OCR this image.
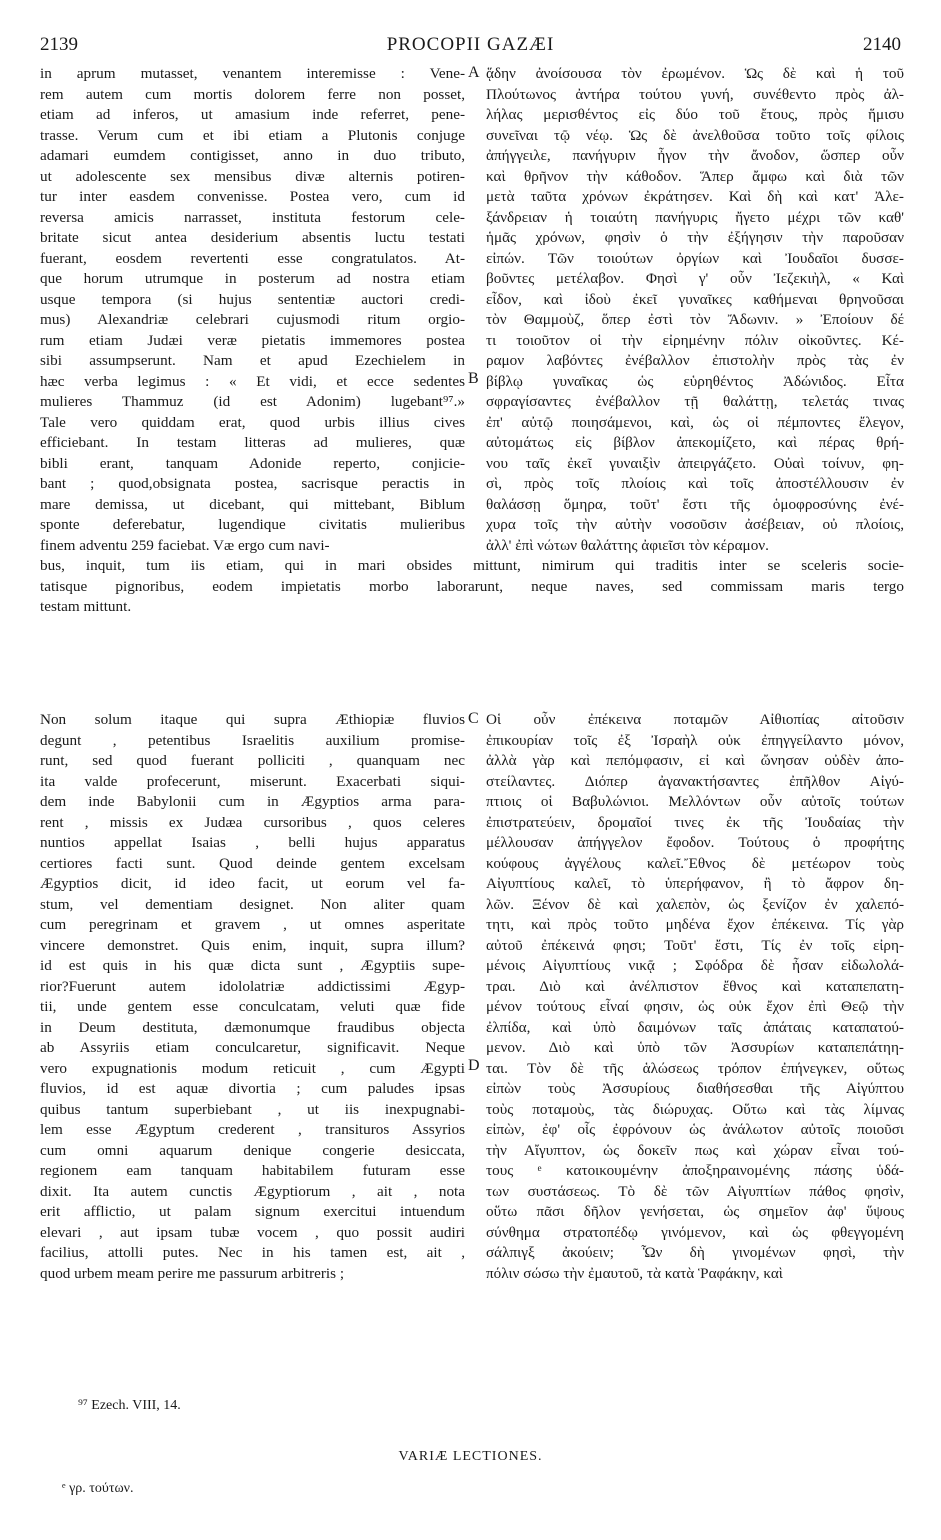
2139	PROCOPII GAZÆI	2140
in aprum mutasset, venantem interemisse : Vene-
rem autem cum mortis dolorem ferre non posset,
etiam ad inferos, ut amasium inde referret, pene-
trasse. Verum cum et ibi etiam a Plutonis conjuge
adamari eumdem contigisset, anno in duo tributo,
ut adolescente sex mensibus divæ alternis potiren-
tur inter easdem convenisse. Postea vero, cum id
reversa amicis narrasset, instituta festorum cele-
britate sicut antea desiderium absentis luctu testati
fuerant, eosdem revertenti esse congratulatos. At-
que horum utrumque in posterum ad nostra etiam
usque tempora (si hujus sententiæ auctori credi-
mus) Alexandriæ celebrari cujusmodi ritum orgio-
rum etiam Judæi veræ pietatis immemores postea
sibi assumpserunt. Nam et apud Ezechielem in
hæc verba legimus : « Et vidi, et ecce sedentes
mulieres Thammuz (id est Adonim) lugebant⁹⁷.»
Tale vero quiddam erat, quod urbis illius cives
efficiebant. In testam litteras ad mulieres, quæ
bibli erant, tanquam Adonide reperto, conjicie-
bant ; quod,obsignata postea, sacrisque peractis in
mare demissa, ut dicebant, qui mittebant, Biblum
sponte deferebatur, lugendique civitatis mulieribus
finem adventu 259 faciebat. Væ ergo cum navi-
ᾅδην ἀνοίσουσα τὸν ἐρωμένον. Ὡς δὲ καὶ ἡ τοῦ
Πλούτωνος ἀντήρα τούτου γυνή, συνέθεντο πρὸς ἀλ-
λήλας μερισθέντος εἰς δύο τοῦ ἔτους, πρὸς ἥμισυ
συνεῖναι τῷ νέῳ. Ὡς δὲ ἀνελθοῦσα τοῦτο τοῖς φίλοις
ἀπήγγειλε, πανήγυριν ἦγον τὴν ἄνοδον, ὥσπερ οὖν
καὶ θρῆνον τὴν κάθοδον. Ἅπερ ἄμφω καὶ διὰ τῶν
μετὰ ταῦτα χρόνων ἐκράτησεν. Καὶ δὴ καὶ κατ' Ἀλε-
ξάνδρειαν ἡ τοιαύτη πανήγυρις ἤγετο μέχρι τῶν καθ'
ἡμᾶς χρόνων, φησὶν ὁ τὴν ἐξήγησιν τὴν παροῦσαν
εἰπών. Τῶν τοιούτων ὀργίων καὶ Ἰουδαῖοι δυσσε-
βοῦντες μετέλαβον. Φησὶ γ' οὖν Ἰεζεκιὴλ, « Καὶ
εἶδον, καὶ ἰδοὺ ἐκεῖ γυναῖκες καθήμεναι θρηνοῦσαι
τὸν Θαμμοὺζ, ὅπερ ἐστὶ τὸν Ἄδωνιν. » Ἐποίουν δέ
τι τοιοῦτον οἱ τὴν εἰρημένην πόλιν οἰκοῦντες. Κέ-
ραμον λαβόντες ἐνέβαλλον ἐπιστολὴν πρὸς τὰς ἐν
βίβλῳ γυναῖκας ὡς εὑρηθέντος Ἀδώνιδος. Εἶτα
σφραγίσαντες ἐνέβαλλον τῇ θαλάττῃ, τελετάς τινας
ἐπ' αὐτῷ ποιησάμενοι, καὶ, ὡς οἱ πέμποντες ἔλεγον,
αὐτομάτως εἰς βίβλον ἀπεκομίζετο, καὶ πέρας θρή-
νου ταῖς ἐκεῖ γυναιξὶν ἀπειργάζετο. Οὐαὶ τοίνυν, φη-
σὶ, πρὸς τοῖς πλοίοις καὶ τοῖς ἀποστέλλουσιν ἐν
θαλάσσῃ ὅμηρα, τοῦτ' ἔστι τῆς ὁμοφροσύνης ἐνέ-
χυρα τοῖς τὴν αὐτὴν νοσοῦσιν ἀσέβειαν, οὐ πλοίοις,
ἀλλ' ἐπὶ νώτων θαλάττης ἀφιεῖσι τὸν κέραμον.
bus, inquit, tum iis etiam, qui in mari obsides mittunt, nimirum qui traditis inter se sceleris socie-
tatisque pignoribus, eodem impietatis morbo laborarunt, neque naves, sed commissam maris tergo
testam mittunt.
Non solum itaque qui supra Æthiopiæ fluvios
degunt , petentibus Israelitis auxilium promise-
runt, sed quod fuerant polliciti , quanquam nec
ita valde profecerunt, miserunt. Exacerbati siqui-
dem inde Babylonii cum in Ægyptios arma para-
rent , missis ex Judæa cursoribus , quos celeres
nuntios appellat Isaias , belli hujus apparatus
certiores facti sunt. Quod deinde gentem excelsam
Ægyptios dicit, id ideo facit, ut eorum vel fa-
stum, vel dementiam designet. Non aliter quam
cum peregrinam et gravem , ut omnes asperitate
vincere demonstret. Quis enim, inquit, supra illum?
id est quis in his quæ dicta sunt , Ægyptiis supe-
rior?Fuerunt autem idololatriæ addictissimi Ægyp-
tii, unde gentem esse conculcatam, veluti quæ fide
in Deum destituta, dæmonumque fraudibus objecta
ab Assyriis etiam conculcaretur, significavit. Neque
vero expugnationis modum reticuit , cum Ægypti
fluvios, id est aquæ divortia ; cum paludes ipsas
quibus tantum superbiebant , ut iis inexpugnabi-
lem esse Ægyptum crederent , transituros Assyrios
cum omni aquarum denique congerie desiccata,
regionem eam tanquam habitabilem futuram esse
dixit. Ita autem cunctis Ægyptiorum , ait , nota
erit afflictio, ut palam signum exercitui intuendum
elevari , aut ipsam tubæ vocem , quo possit audiri
facilius, attolli putes. Nec in his tamen est, ait ,
quod urbem meam perire me passurum arbitreris ;
Οἱ οὖν ἐπέκεινα ποταμῶν Αἰθιοπίας αἰτοῦσιν
ἐπικουρίαν τοῖς ἐξ Ἰσραὴλ οὐκ ἐπηγγείλαντο μόνον,
ἀλλὰ γὰρ καὶ πεπόμφασιν, εἰ καὶ ὤνησαν οὐδὲν ἀπο-
στείλαντες. Διόπερ ἀγανακτήσαντες ἐπῆλθον Αἰγύ-
πτιοις οἱ Βαβυλώνιοι. Μελλόντων οὖν αὐτοῖς τούτων
ἐπιστρατεύειν, δρομαῖοί τινες ἐκ τῆς Ἰουδαίας τὴν
μέλλουσαν ἀπήγγελον ἔφοδον. Τούτους ὁ προφήτης
κούφους ἀγγέλους καλεῖ.Ἔθνος δὲ μετέωρον τοὺς
Αἰγυπτίους καλεῖ, τὸ ὑπερήφανον, ἢ τὸ ἄφρον δη-
λῶν. Ξένον δὲ καὶ χαλεπὸν, ὡς ξενίζον ἐν χαλεπό-
τητι, καὶ πρὸς τοῦτο μηδένα ἔχον ἐπέκεινα. Τίς γὰρ
αὐτοῦ ἐπέκεινά φησι; Τοῦτ' ἔστι, Τίς ἐν τοῖς εἰρη-
μένοις Αἰγυπτίους νικᾷ ; Σφόδρα δὲ ἦσαν εἰδωλολά-
τραι. Διὸ καὶ ἀνέλπιστον ἔθνος καὶ καταπεπατη-
μένον τούτους εἶναί φησιν, ὡς οὐκ ἔχον ἐπὶ Θεῷ τὴν
ἐλπίδα, καὶ ὑπὸ δαιμόνων ταῖς ἀπάταις καταπατού-
μενον. Διὸ καὶ ὑπὸ τῶν Ἀσσυρίων καταπεπάτηη-
ται. Τὸν δὲ τῆς ἁλώσεως τρόπον ἐπήνεγκεν, οὕτως
εἰπὼν τοὺς Ἀσσυρίους διαθήσεσθαι τῆς Αἰγύπτου
τοὺς ποταμοὺς, τὰς διώρυχας. Οὕτω καὶ τὰς λίμνας
εἰπὼν, ἐφ' οἷς ἐφρόνουν ὡς ἀνάλωτον αὐτοῖς ποιοῦσι
τὴν Αἴγυπτον, ὡς δοκεῖν πως καὶ χώραν εἶναι τού-
τους ᵉ κατοικουμένην ἀποξηραινομένης πάσης ὑδά-
των συστάσεως. Τὸ δὲ τῶν Αἰγυπτίων πάθος φησὶν,
οὕτω πᾶσι δῆλον γενήσεται, ὡς σημεῖον ἀφ' ὕψους
σύνθημα στρατοπέδῳ γινόμενον, καὶ ὡς φθεγγομένη
σάλπιγξ ἀκούειν; Ὧν δὴ γινομένων φησὶ, τὴν
πόλιν σώσω τὴν ἐμαυτοῦ, τὰ κατὰ Ῥαφάκην, καὶ
A
B
C
D
⁹⁷ Ezech. VIII, 14.
VARIÆ LECTIONES.
ᵉ γρ. τούτων.
